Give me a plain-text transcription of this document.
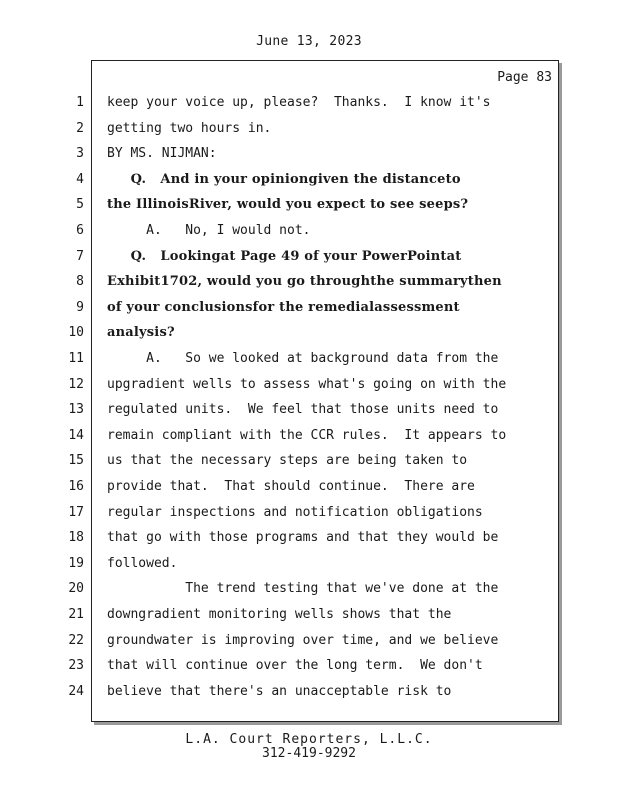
June 13, 2023
Page 83
1 keep your voice up, please?  Thanks.  I know it's
2 getting two hours in.
3 BY MS. NIJMAN:
4 Q.   And in your opiniongiven the distanceto
5 the IllinoisRiver, would you expect to see seeps?
6 A.   No, I would not.
7 Q.   Lookingat Page 49 of your PowerPointat
8 Exhibit1702, would you go throughthe summarythen
9 of your conclusionsfor the remedialassessment
10 analysis?
11 A.   So we looked at background data from the
12 upgradient wells to assess what's going on with the
13 regulated units.  We feel that those units need to
14 remain compliant with the CCR rules.  It appears to
15 us that the necessary steps are being taken to
16 provide that.  That should continue.  There are
17 regular inspections and notification obligations
18 that go with those programs and that they would be
19 followed.
20 The trend testing that we've done at the
21 downgradient monitoring wells shows that the
22 groundwater is improving over time, and we believe
23 that will continue over the long term.  We don't
24 believe that there's an unacceptable risk to
L.A. Court Reporters, L.L.C.
312-419-9292
